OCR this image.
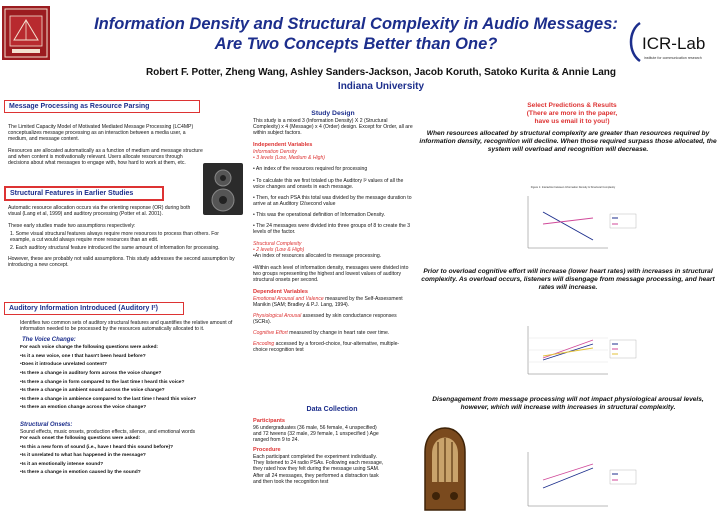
Information Density and Structural Complexity in Audio Messages:
Are Two Concepts Better than One?
Robert F. Potter, Zheng Wang, Ashley Sanders-Jackson, Jacob Koruth, Satoko Kurita & Annie Lang
Indiana University
ICR-Lab
institute for communication research
Message Processing as Resource Parsing
The Limited Capacity Model of Motivated Mediated Message Processing (LC4MP) conceptualizes message processing as an interaction between a media user, a medium, and message content.
Resources are allocated automatically as a function of medium and message structure and when content is motivationally relevant. Users allocate resources through decisions about what messages to engage with, how hard to work at them, etc.
Structural Features in Earlier Studies
Automatic resource allocation occurs via the orienting response (OR) during both visual (Lang et al, 1999) and auditory processing (Potter et al. 2001).
These early studies made two assumptions respectively:
1. Some visual structural features always require more resources to process than others. For example, a cut would always require more resources than an edit.
2. Each auditory structural feature introduced the same amount of information for processing.
However, these are probably not valid assumptions. This study addresses the second assumption by introducing a new concept.
Auditory Information Introduced (Auditory I²)
Identifies two common sets of auditory structural features and quantifies the relative amount of information needed to be processed by the resources automatically allocated to it.
The Voice Change:
For each voice change the following questions were asked:
•Is it a new voice, one I that hasn't been heard before?
•Does it introduce unrelated content?
•Is there a change in auditory form across the voice change?
•Is there a change in form compared to the last time I heard this voice?
•Is there a change in ambient sound across the voice change?
•Is there a change in ambience compared to the last time I heard this voice?
•Is there an emotion change across the voice change?
Structural Onsets:
Sound effects, music onsets, production effects, silence, and emotional words
For each onset the following questions were asked:
•Is this a new form of sound (i.e., have I heard this sound before)?
•Is it unrelated to what has happened in the message?
•Is it an emotionally intense sound?
•Is there a change in emotion caused by the sound?
Study Design
This study is a mixed 3 (Information Density) X 2 (Structural Complexity) x 4 (Message) x 4 (Order) design. Except for Order, all are within subject factors.
Independent Variables
Information Density
• 3 levels (Low, Medium & High)
• An index of the resources required for processing
• To calculate this we first totaled up the Auditory I² values of all the voice changes and onsets in each message.
• Then, for each PSA this total was divided by the message duration to arrive at an Auditory I2/second value
• This was the operational definition of Information Density.
• The 24 messages were divided into three groups of 8 to create the 3 levels of the factor.
Structural Complexity
• 2 levels (Low & High)
•An index of resources allocated to message processing.
•Within each level of information density, messages were divided into two groups representing the highest and lowest values of auditory structural onsets per second.
Dependent Variables
Emotional Arousal and Valence measured by the Self-Assessment Manikin (SAM; Bradley & P.J. Lang, 1994).
Physiological Arousal assessed by skin conductance responses (SCRs).
Cognitive Effort measured by change in heart rate over time.
Encoding accessed by a forced-choice, four-alternative, multiple-choice recognition test
Data Collection
Participants
96 undergraduates (36 male, 56 female, 4 unspecified) and 72 tweens (32 male, 29 female, 1 unspecified ) Age ranged from 9 to 24.
Procedure
Each participant completed the experiment individually. They listened to 24 radio PSAs. Following each message, they rated how they felt during the message using SAM. After all 24 messages, they performed a distraction task and then took the recognition test
Select Predictions & Results
(There are more in the paper,
have us email it to you!)
When resources allocated by structural complexity are greater than resources required by information density, recognition will decline. When those required surpass those allocated, the system will overload and recognition will decrease.
Figure 1: Interaction between Information Density & Structural Complexity
Prior to overload cognitive effort will increase (lower heart rates) with increases in structural complexity. As overload occurs, listeners will disengage from message processing, and heart rates will increase.
Disengagement from message processing will not impact physiological arousal levels, however, which will increase with increases in structural complexity.
